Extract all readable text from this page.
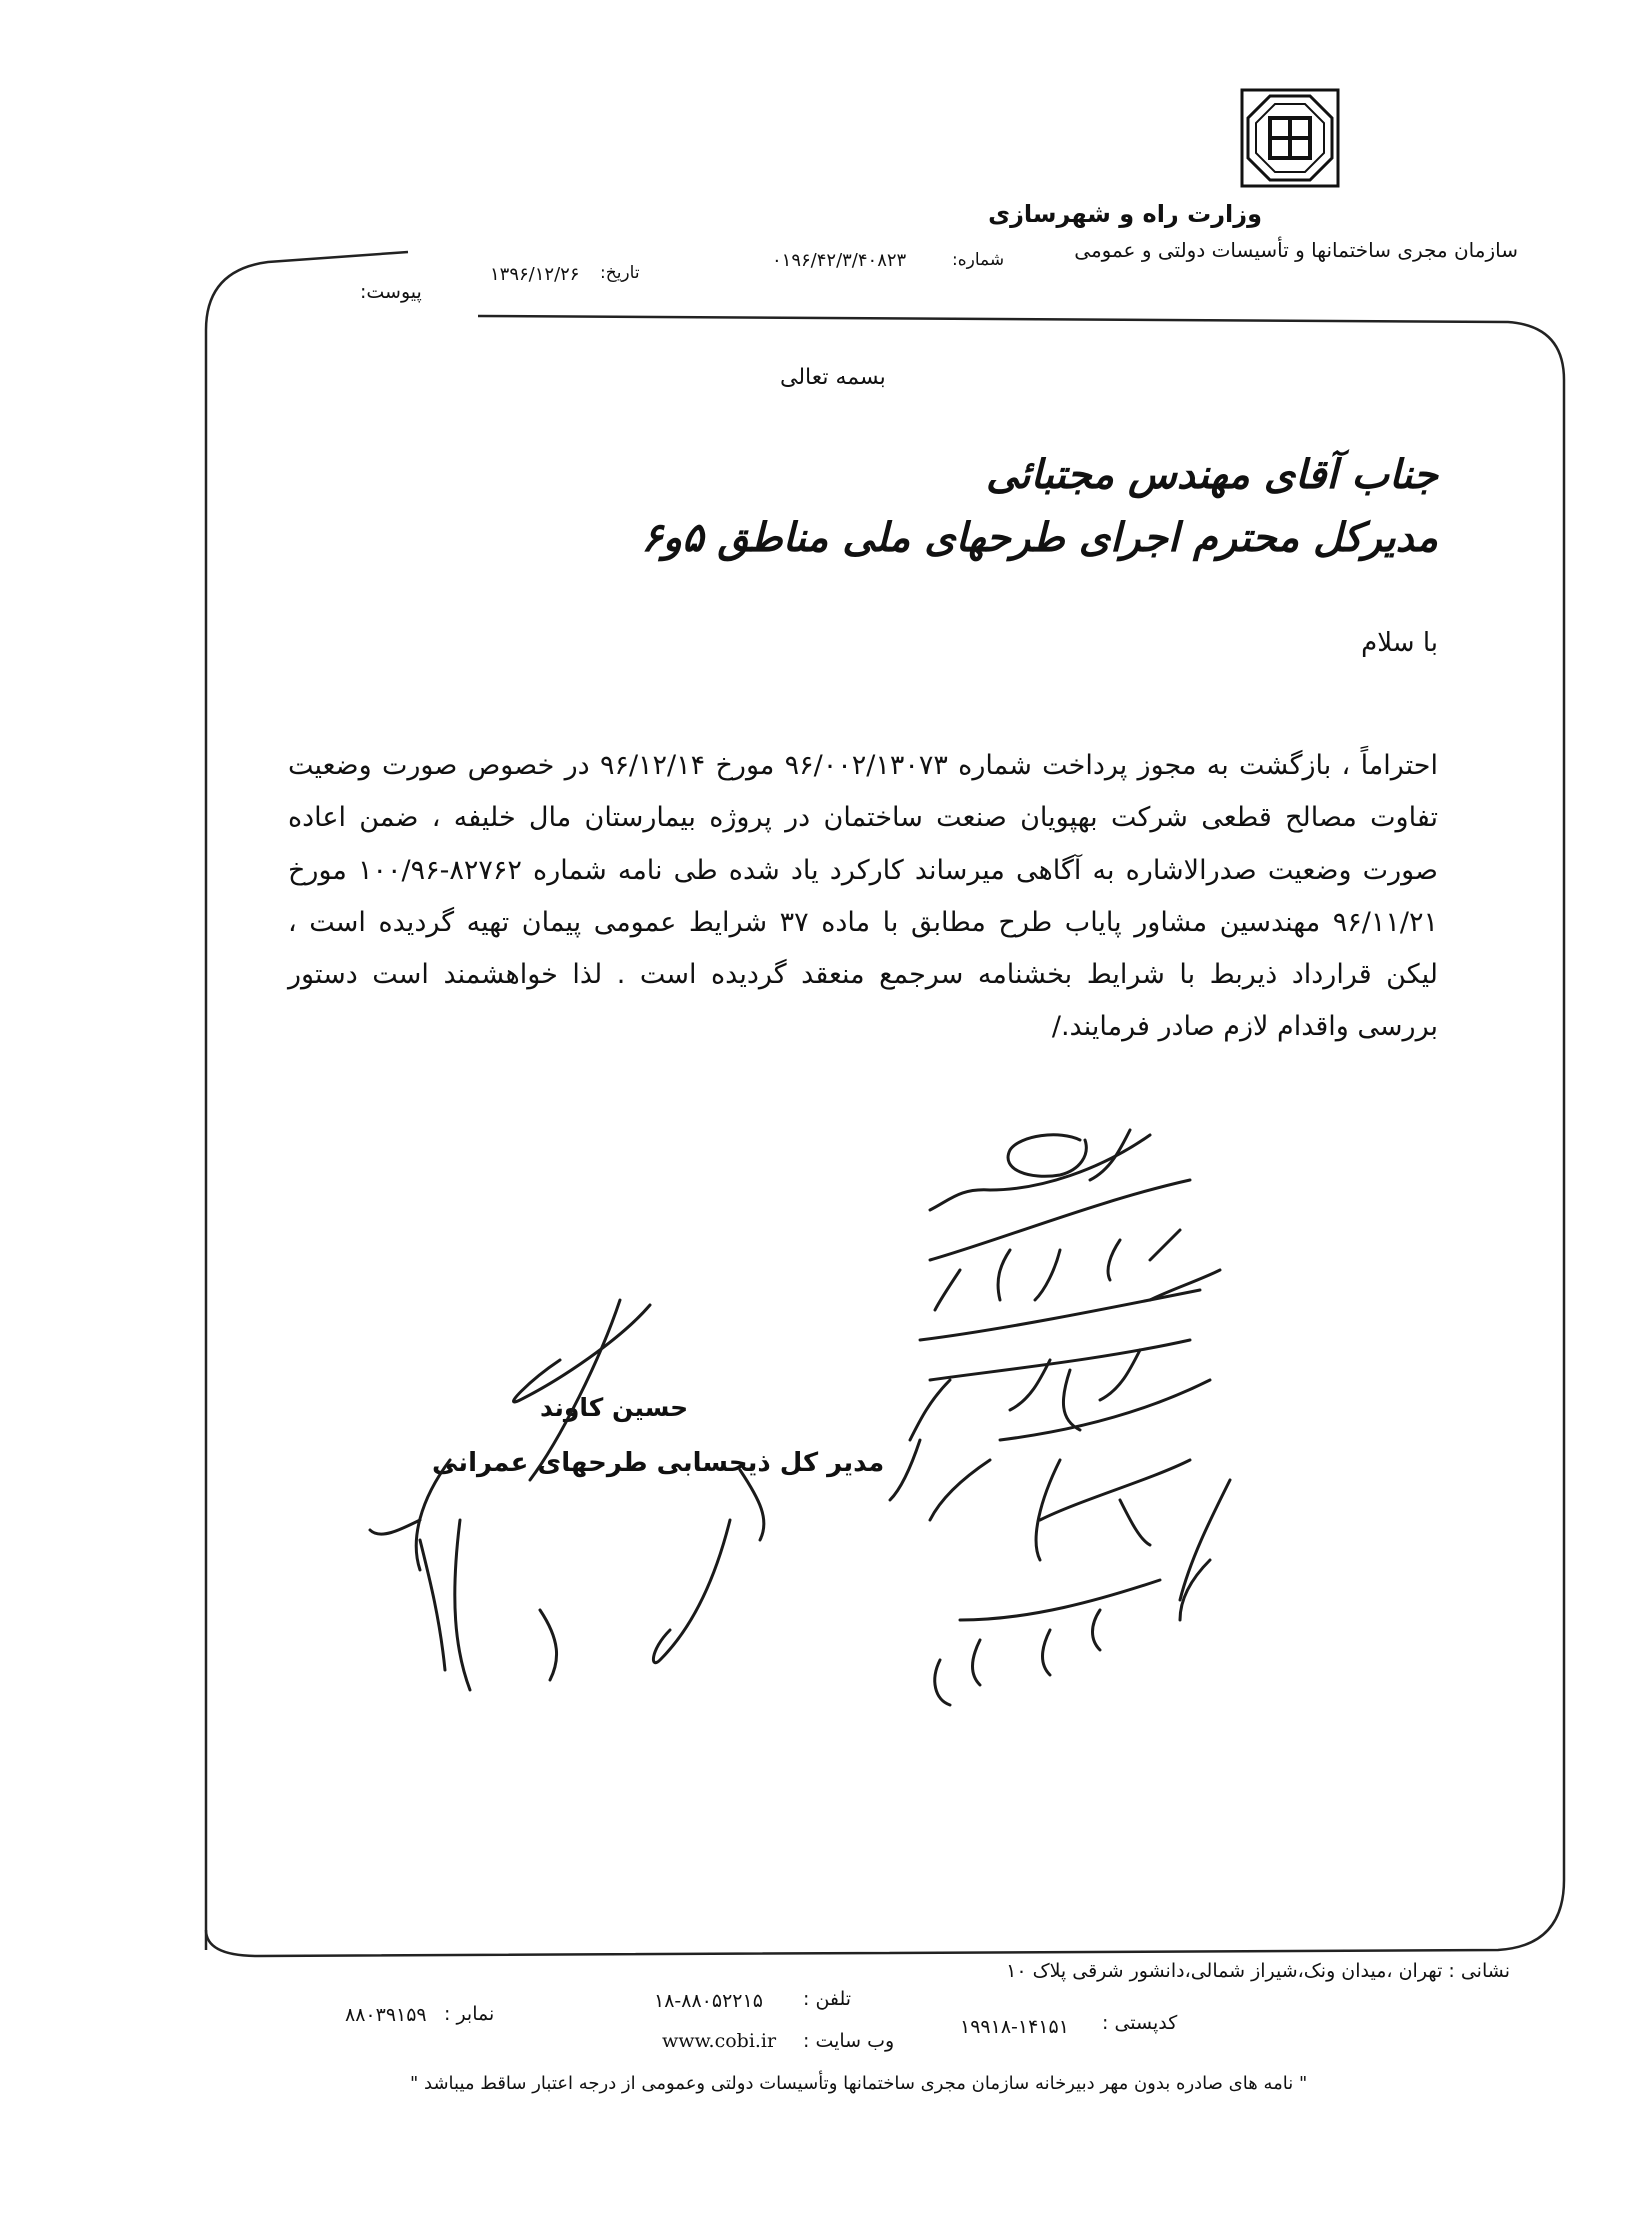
وزارت راه و شهرسازی
سازمان مجری ساختمانها و تأسیسات دولتی و عمومی
شماره:
۰۱۹۶/۴۲/۳/۴۰۸۲۳
تاریخ:
۱۳۹۶/۱۲/۲۶
پیوست:
بسمه تعالی
جناب آقای مهندس مجتبائی
مدیرکل محترم اجرای طرحهای ملی مناطق ۵و۶
با سلام

احتراماً ، بازگشت به مجوز پرداخت شماره ۹۶/۰۰۲/۱۳۰۷۳ مورخ ۹۶/۱۲/۱۴ در خصوص صورت وضعیت تفاوت مصالح قطعی شرکت بهپویان صنعت ساختمان در پروژه بیمارستان مال خلیفه ، ضمن اعاده صورت وضعیت صدرالاشاره به آگاهی میرساند کارکرد یاد شده طی نامه شماره ۸۲۷۶۲-۱۰۰/۹۶ مورخ ۹۶/۱۱/۲۱ مهندسین مشاور پایاب طرح مطابق با ماده ۳۷ شرایط عمومی پیمان تهیه گردیده است ، لیکن قرارداد ذیربط با شرایط بخشنامه سرجمع منعقد گردیده است . لذا خواهشمند است دستور بررسی واقدام لازم صادر فرمایند./

حسین کاوند
مدیر کل ذیحسابی طرحهای عمرانی
نشانی : تهران ،میدان ونک،شیراز شمالی،دانشور شرقی پلاک ۱۰
تلفن :
۱۸-۸۸۰۵۲۲۱۵
نمابر :
۸۸۰۳۹۱۵۹	کدپستی :
۱۹۹۱۸-۱۴۱۵۱
وب سایت :
www.cobi.ir
" نامه های صادره بدون مهر دبیرخانه سازمان مجری ساختمانها وتأسیسات دولتی وعمومی از درجه اعتبار ساقط میباشد "
